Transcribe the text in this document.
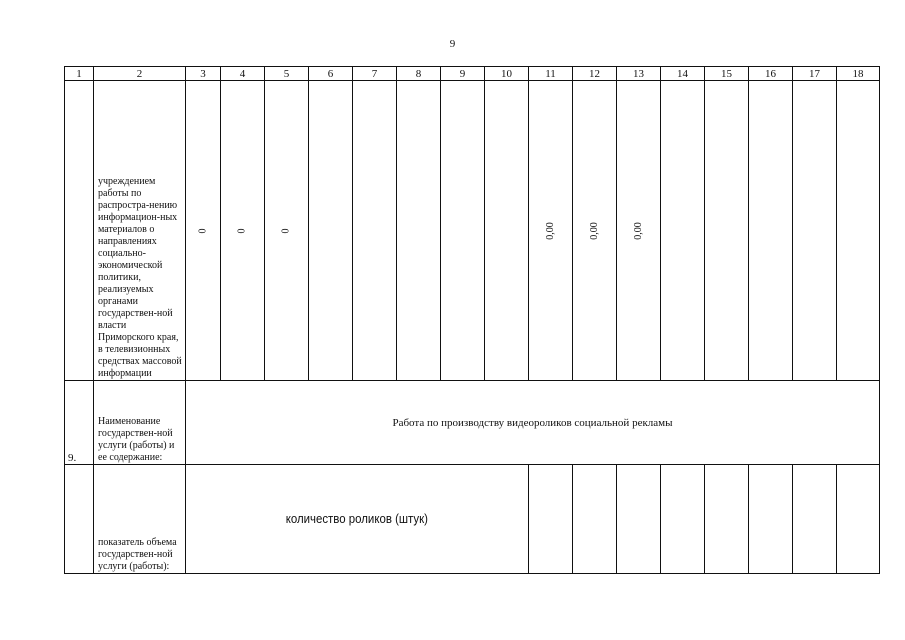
9
1	2	3	4	5	6	7	8	9	10	11	12	13	14	15	16	17	18
	учреждением работы по распростра-нению информацион-ных материалов о направлениях социально-экономической политики, реализуемых органами государствен-ной власти Приморского края, в телевизионных средствах массовой информации	0	0	0						0,00	0,00	0,00					
9.	Наименование государствен-ной услуги (работы) и ее содержание:	Работа по производству видеороликов социальной рекламы															
	показатель объема государствен-ной услуги (работы):	количество роликов (штук)															
